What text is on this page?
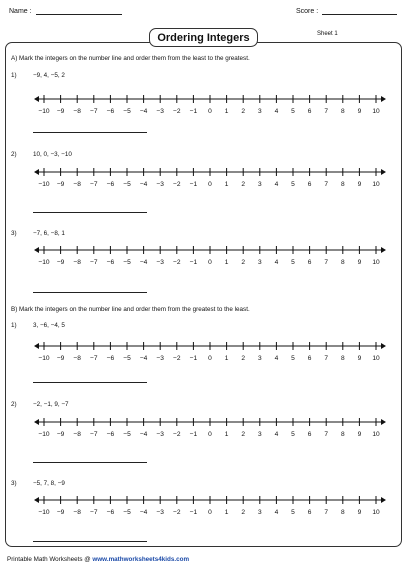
Name :	Score :
Ordering Integers	Sheet 1
A) Mark the integers on the number line and order them from the least to the greatest.
1)	−9, 4, −5, 2
−10 −9 −8 −7 −6 −5 −4 −3 −2 −1 0 1 2 3 4 5 6 7 8 9 10
2)	10, 0, −3, −10
−10 −9 −8 −7 −6 −5 −4 −3 −2 −1 0 1 2 3 4 5 6 7 8 9 10
3)	−7, 6, −8, 1
−10 −9 −8 −7 −6 −5 −4 −3 −2 −1 0 1 2 3 4 5 6 7 8 9 10
B) Mark the integers on the number line and order them from the greatest to the least.
1)	3, −6, −4, 5
−10 −9 −8 −7 −6 −5 −4 −3 −2 −1 0 1 2 3 4 5 6 7 8 9 10
2)	−2, −1, 9, −7
−10 −9 −8 −7 −6 −5 −4 −3 −2 −1 0 1 2 3 4 5 6 7 8 9 10
3)	−5, 7, 8, −9
−10 −9 −8 −7 −6 −5 −4 −3 −2 −1 0 1 2 3 4 5 6 7 8 9 10
Printable Math Worksheets @ www.mathworksheets4kids.com
